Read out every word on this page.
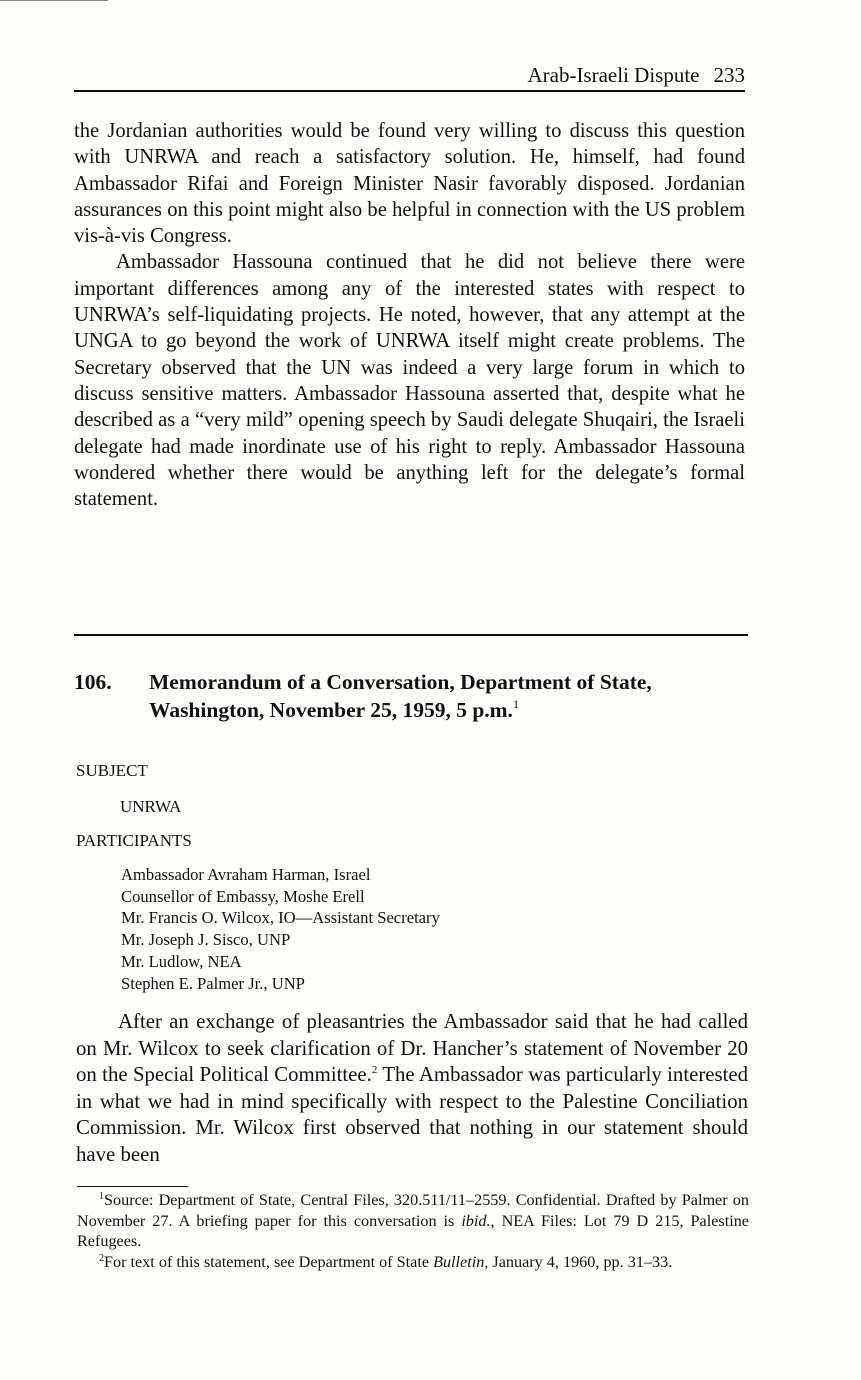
Arab-Israeli Dispute 233

the Jordanian authorities would be found very willing to discuss this question with UNRWA and reach a satisfactory solution. He, himself, had found Ambassador Rifai and Foreign Minister Nasir favorably disposed. Jordanian assurances on this point might also be helpful in connection with the US problem vis-à-vis Congress.

Ambassador Hassouna continued that he did not believe there were important differences among any of the interested states with respect to UNRWA’s self-liquidating projects. He noted, however, that any attempt at the UNGA to go beyond the work of UNRWA itself might create problems. The Secretary observed that the UN was indeed a very large forum in which to discuss sensitive matters. Ambassador Hassouna asserted that, despite what he described as a “very mild” opening speech by Saudi delegate Shuqairi, the Israeli delegate had made inordinate use of his right to reply. Ambassador Hassouna wondered whether there would be anything left for the delegate’s formal statement.

106. Memorandum of a Conversation, Department of State,
Washington, November 25, 1959, 5 p.m.$^1$
SUBJECT
UNRWA
PARTICIPANTS
Ambassador Avraham Harman, Israel
Counsellor of Embassy, Moshe Erell
Mr. Francis O. Wilcox, IO—Assistant Secretary
Mr. Joseph J. Sisco, UNP
Mr. Ludlow, NEA
Stephen E. Palmer Jr., UNP

After an exchange of pleasantries the Ambassador said that he had called on Mr. Wilcox to seek clarification of Dr. Hancher’s statement of November 20 on the Special Political Committee.$^2$ The Ambassador was particularly interested in what we had in mind specifically with respect to the Palestine Conciliation Commission. Mr. Wilcox first observed that nothing in our statement should have been

$^1$Source: Department of State, Central Files, 320.511/11–2559. Confidential. Drafted by Palmer on November 27. A briefing paper for this conversation is ibid., NEA Files: Lot 79 D 215, Palestine Refugees.

$^2$For text of this statement, see Department of State Bulletin, January 4, 1960, pp. 31–33.
